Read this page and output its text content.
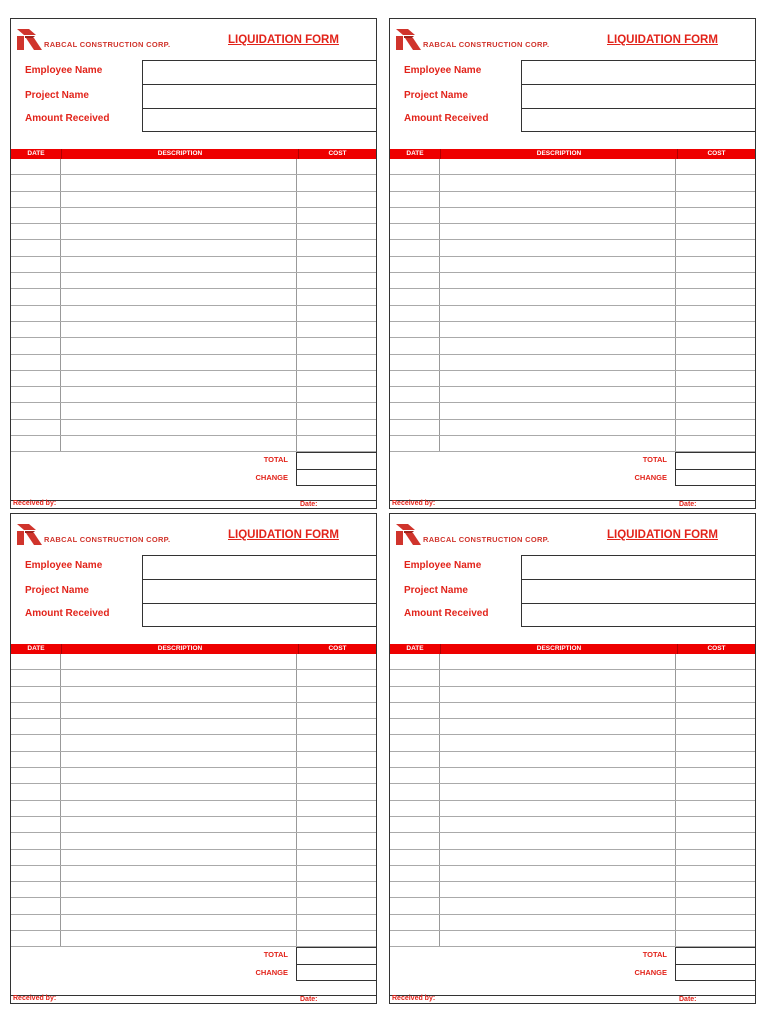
RABCAL CONSTRUCTION CORP.	LIQUIDATION FORM
Employee Name
Project Name
Amount Received
DATE	DESCRIPTION	COST
TOTAL
CHANGE
Received by:	Date:
RABCAL CONSTRUCTION CORP.	LIQUIDATION FORM
Employee Name
Project Name
Amount Received
DATE	DESCRIPTION	COST
TOTAL
CHANGE
Received by:	Date:
RABCAL CONSTRUCTION CORP.	LIQUIDATION FORM
Employee Name
Project Name
Amount Received
DATE	DESCRIPTION	COST
TOTAL
CHANGE
Received by:	Date:
RABCAL CONSTRUCTION CORP.	LIQUIDATION FORM
Employee Name
Project Name
Amount Received
DATE	DESCRIPTION	COST
TOTAL
CHANGE
Received by:	Date:
